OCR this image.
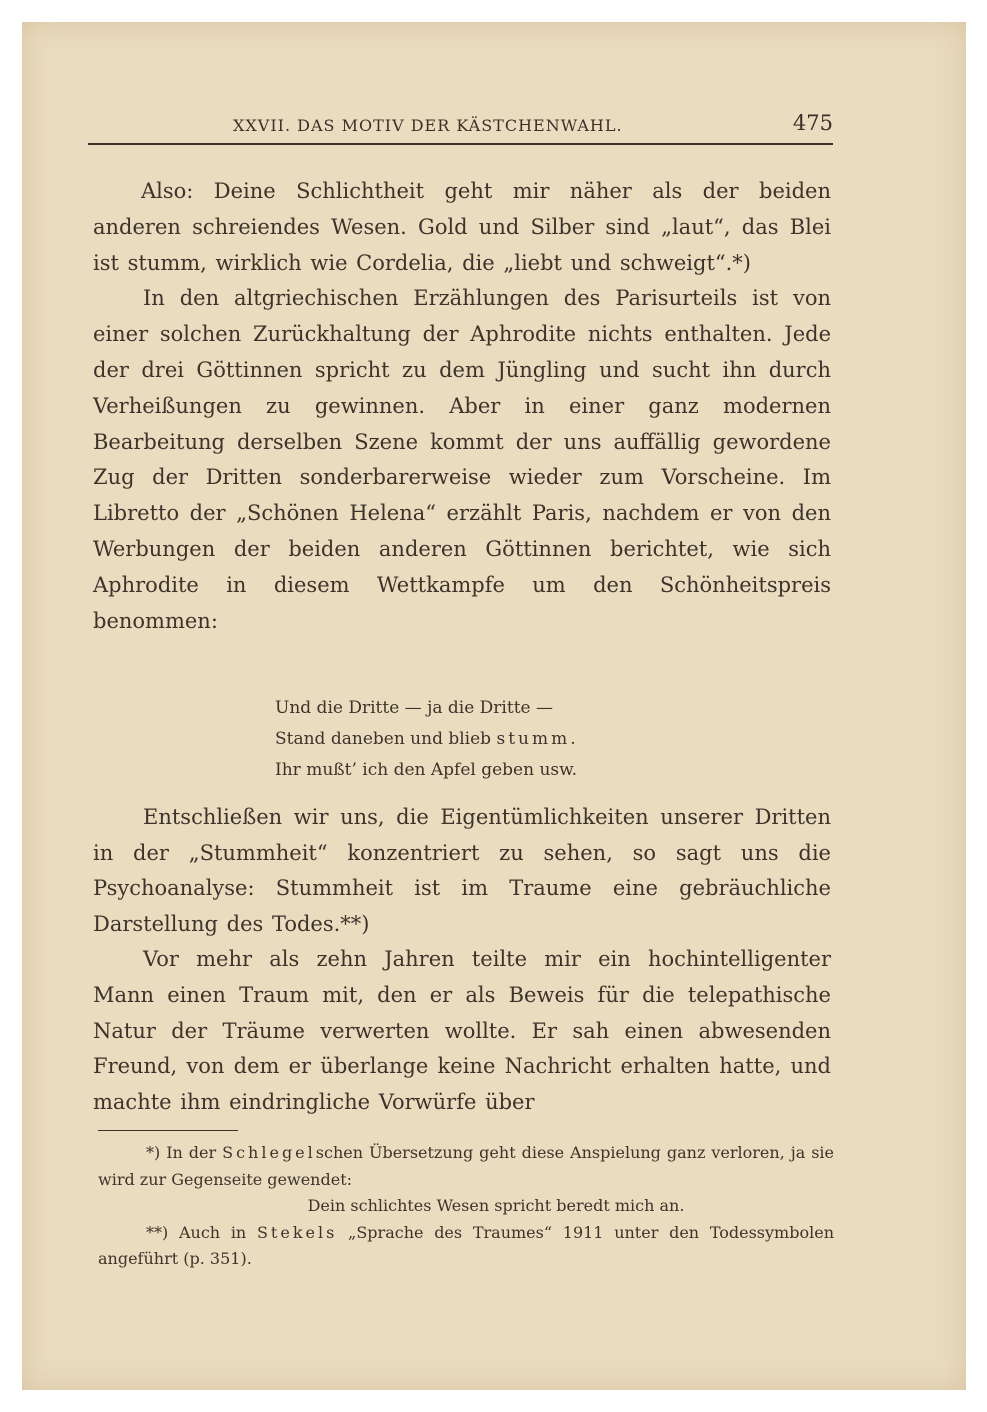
XXVII. DAS MOTIV DER KÄSTCHENWAHL.	475

Also: Deine Schlichtheit geht mir näher als der beiden anderen schreiendes Wesen. Gold und Silber sind „laut“, das Blei ist stumm, wirklich wie Cordelia, die „liebt und schweigt“.*)

In den altgriechischen Erzählungen des Parisurteils ist von einer solchen Zurückhaltung der Aphrodite nichts enthalten. Jede der drei Göttinnen spricht zu dem Jüngling und sucht ihn durch Verheißungen zu gewinnen. Aber in einer ganz modernen Bearbeitung derselben Szene kommt der uns auffällig gewordene Zug der Dritten sonderbarerweise wieder zum Vorscheine. Im Libretto der „Schönen Helena“ erzählt Paris, nachdem er von den Werbungen der beiden anderen Göttinnen berichtet, wie sich Aphrodite in diesem Wettkampfe um den Schönheitspreis benommen:

Und die Dritte — ja die Dritte —
Stand daneben und blieb stumm.
Ihr mußt’ ich den Apfel geben usw.

Entschließen wir uns, die Eigentümlichkeiten unserer Dritten in der „Stummheit“ konzentriert zu sehen, so sagt uns die Psychoanalyse: Stummheit ist im Traume eine gebräuchliche Darstellung des Todes.**)

Vor mehr als zehn Jahren teilte mir ein hochintelligenter Mann einen Traum mit, den er als Beweis für die telepathische Natur der Träume verwerten wollte. Er sah einen abwesenden Freund, von dem er überlange keine Nachricht erhalten hatte, und machte ihm eindringliche Vorwürfe über

*) In der Schlegelschen Übersetzung geht diese Anspielung ganz verloren, ja sie wird zur Gegenseite gewendet:

Dein schlichtes Wesen spricht beredt mich an.

**) Auch in Stekels „Sprache des Traumes“ 1911 unter den Todessymbolen angeführt (p. 351).
